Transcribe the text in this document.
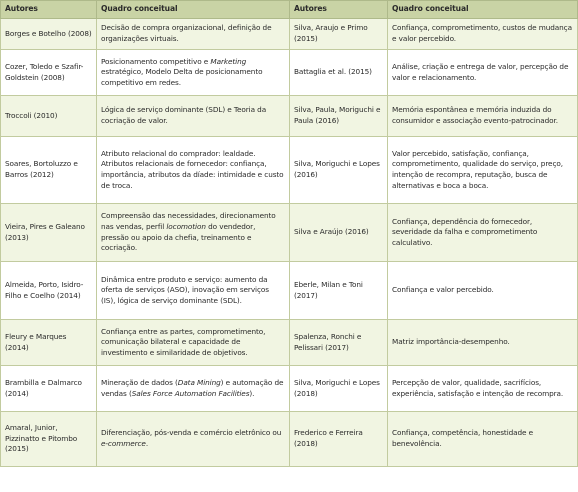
Autores	Quadro conceitual	Autores	Quadro conceitual
Borges e Botelho (2008)	Decisão de compra organizacional, definição de organizações virtuais.	Silva, Araujo e Primo (2015)	Confiança, comprometimento, custos de mudança e valor percebido.
Cozer, Toledo e Szafir-Goldstein (2008)	Posicionamento competitivo e Marketing estratégico, Modelo Delta de posicionamento competitivo em redes.	Battaglia et al. (2015)	Análise, criação e entrega de valor, percepção de valor e relacionamento.
Troccoli (2010)	Lógica de serviço dominante (SDL) e Teoria da cocriação de valor.	Silva, Paula, Moriguchi e Paula (2016)	Memória espontânea e memória induzida do consumidor e associação evento-patrocinador.
Soares, Bortoluzzo e Barros (2012)	Atributo relacional do comprador: lealdade. Atributos relacionais de fornecedor: confiança, importância, atributos da díade: intimidade e custo de troca.	Silva, Moriguchi e Lopes (2016)	Valor percebido, satisfação, confiança, comprometimento, qualidade do serviço, preço, intenção de recompra, reputação, busca de alternativas e boca a boca.
Vieira, Pires e Galeano (2013)	Compreensão das necessidades, direcionamento nas vendas, perfil locomotion do vendedor, pressão ou apoio da chefia, treinamento e cocriação.	Silva e Araújo (2016)	Confiança, dependência do fornecedor, severidade da falha e comprometimento calculativo.
Almeida, Porto, Isidro-Filho e Coelho (2014)	Dinâmica entre produto e serviço: aumento da oferta de serviços (ASO), inovação em serviços (IS), lógica de serviço dominante (SDL).	Eberle, Milan e Toni (2017)	Confiança e valor percebido.
Fleury e Marques (2014)	Confiança entre as partes, comprometimento, comunicação bilateral e capacidade de investimento e similaridade de objetivos.	Spalenza, Ronchi e Pelissari (2017)	Matriz importância-desempenho.
Brambilla e Dalmarco (2014)	Mineração de dados (Data Mining) e automação de vendas (Sales Force Automation Facilities).	Silva, Moriguchi e Lopes (2018)	Percepção de valor, qualidade, sacrifícios, experiência, satisfação e intenção de recompra.
Amaral, Junior, Pizzinatto e Pitombo (2015)	Diferenciação, pós-venda e comércio eletrônico ou e-commerce.	Frederico e Ferreira (2018)	Confiança, competência, honestidade e benevolência.
